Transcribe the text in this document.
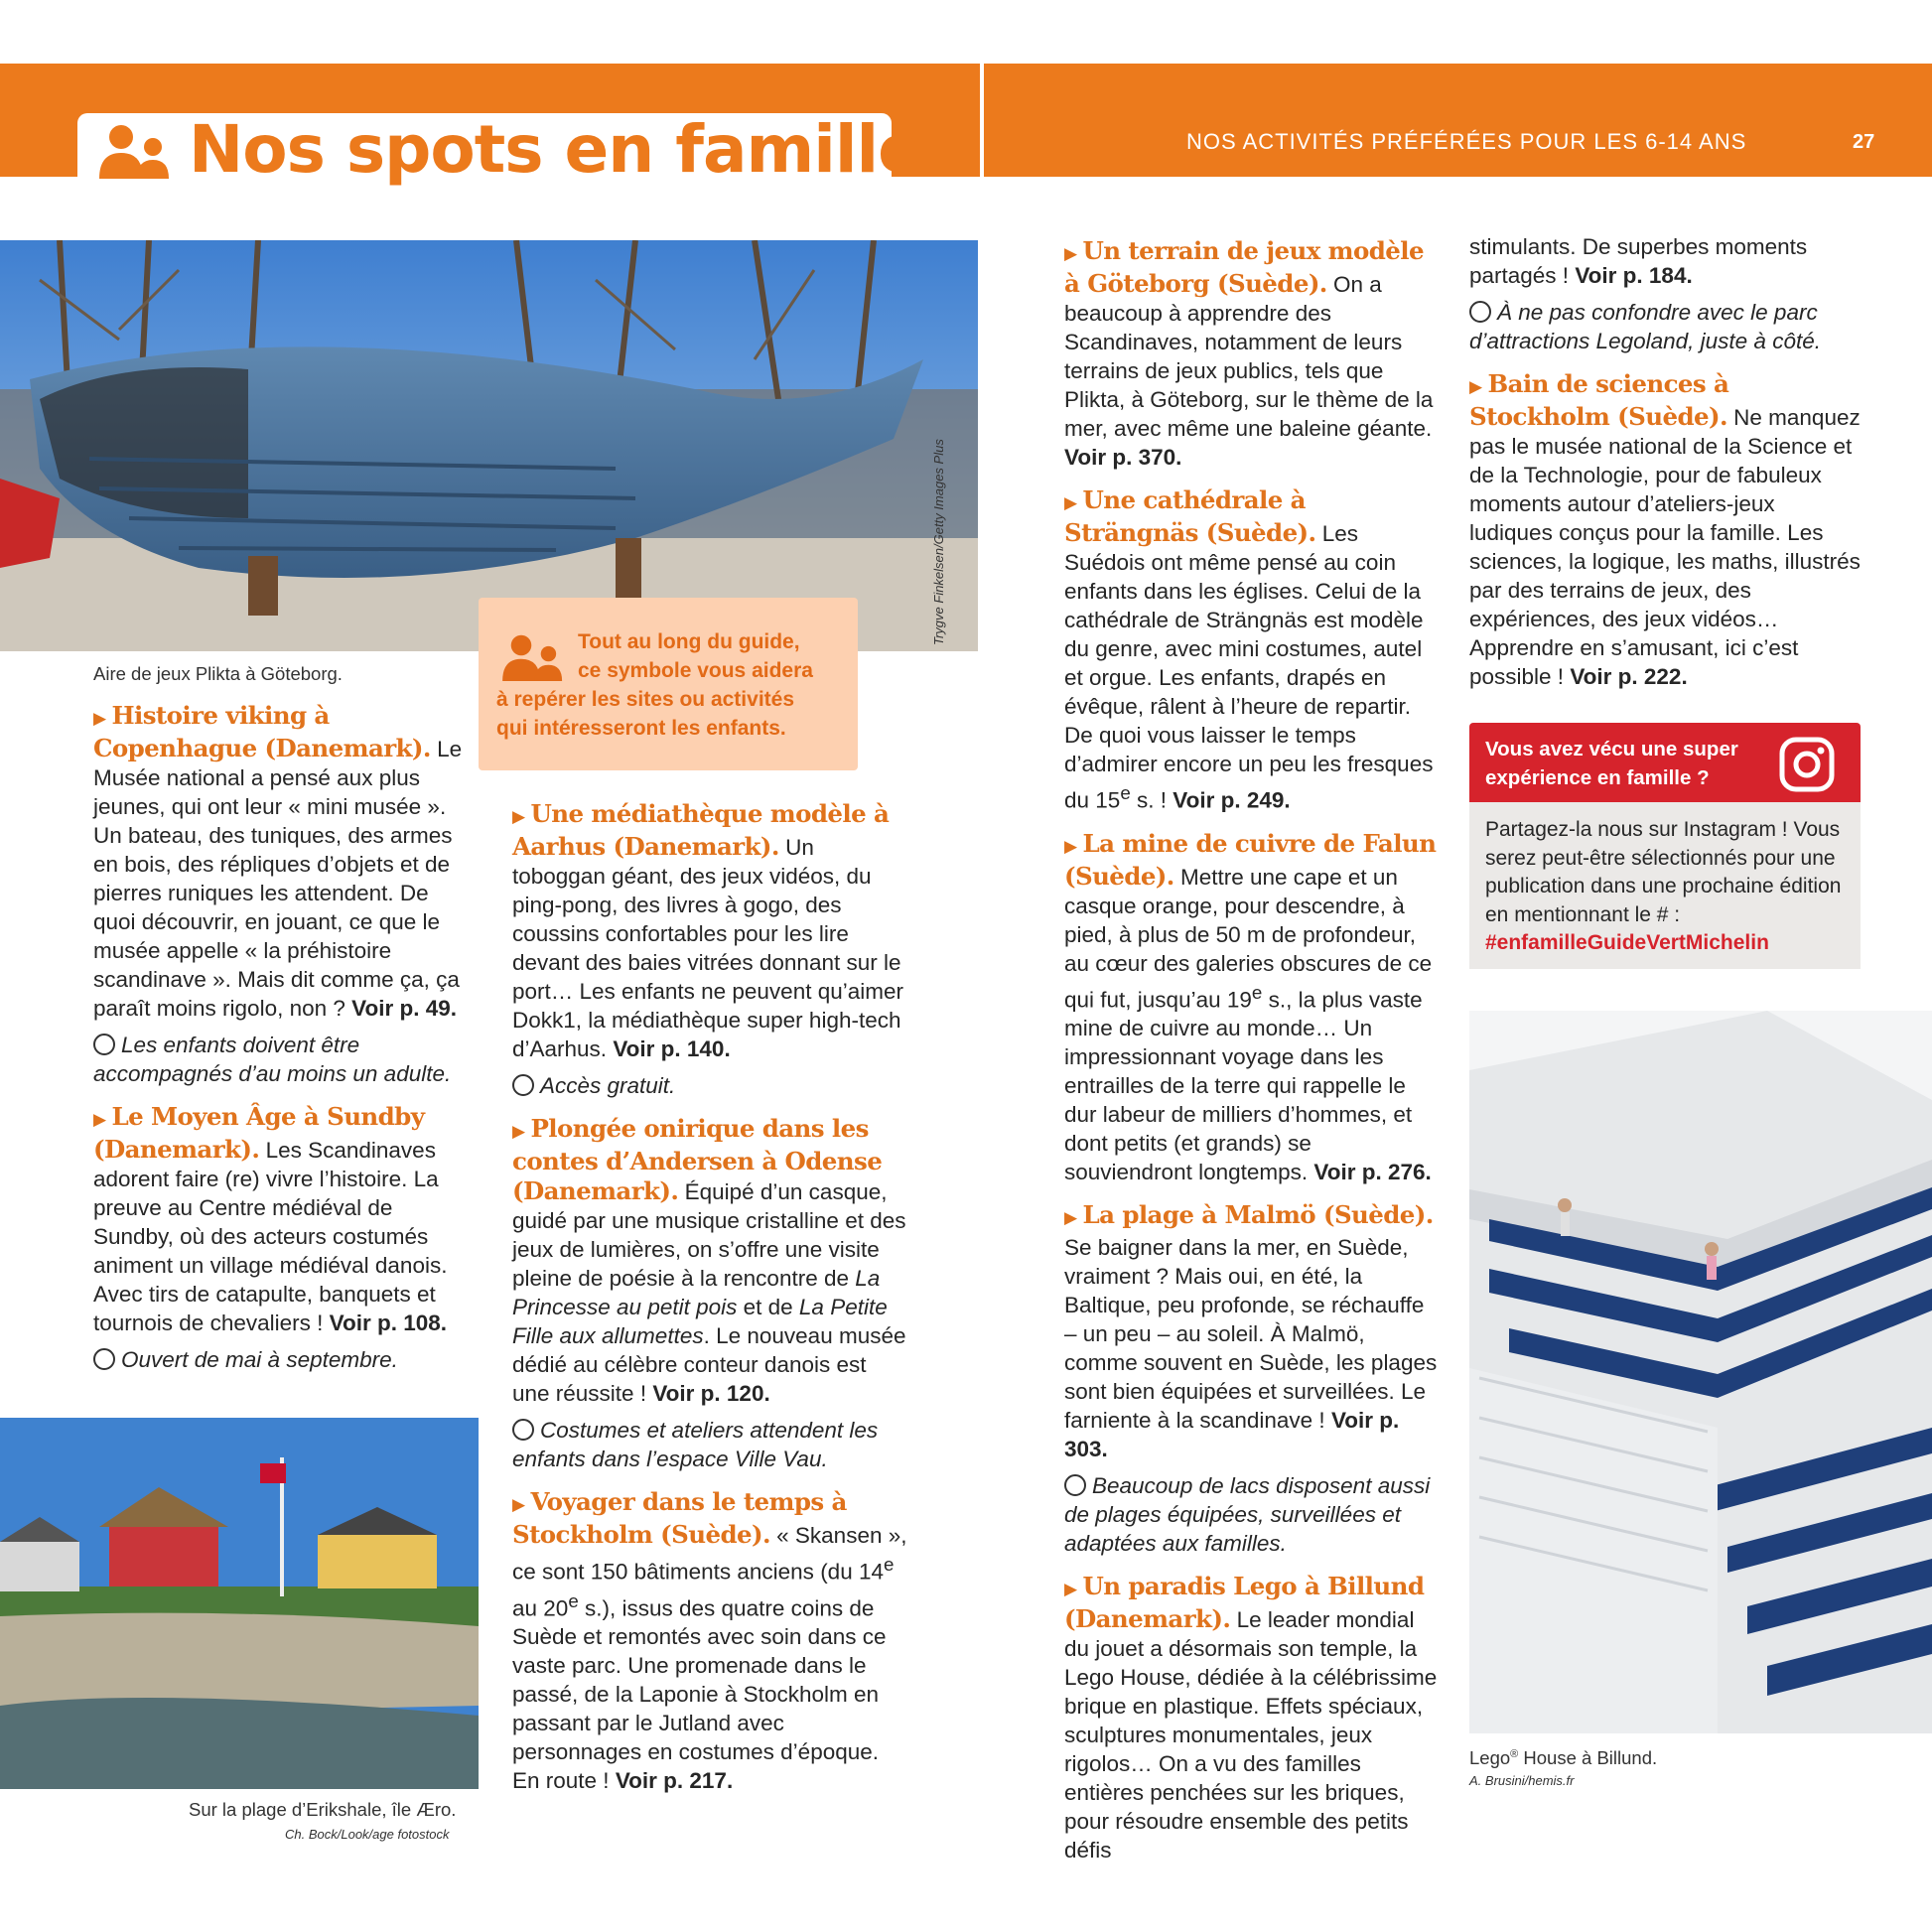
Nos spots en famille	NOS ACTIVITÉS PRÉFÉRÉES POUR LES 6-14 ANS	27
Trygve Finkelsen/Getty Images Plus
Aire de jeux Plikta à Göteborg.
Tout au long du guide,
ce symbole vous aidera
à repérer les sites ou activités
qui intéresseront les enfants.

▶ Histoire viking à Copenhague (Danemark). Le Musée national a pensé aux plus jeunes, qui ont leur « mini musée ». Un bateau, des tuniques, des armes en bois, des répliques d’objets et de pierres runiques les attendent. De quoi découvrir, en jouant, ce que le musée appelle « la préhistoire scandinave ». Mais dit comme ça, ça paraît moins rigolo, non ? Voir p. 49.

Les enfants doivent être accompagnés d’au moins un adulte.

▶ Le Moyen Âge à Sundby (Danemark). Les Scandinaves adorent faire (re) vivre l’histoire. La preuve au Centre médiéval de Sundby, où des acteurs costumés animent un village médiéval danois. Avec tirs de catapulte, banquets et tournois de chevaliers ! Voir p. 108.

Ouvert de mai à septembre.

Sur la plage d’Erikshale, île Æro.
Ch. Bock/Look/age fotostock

▶ Une médiathèque modèle à Aarhus (Danemark). Un toboggan géant, des jeux vidéos, du ping-pong, des livres à gogo, des coussins confortables pour les lire devant des baies vitrées donnant sur le port… Les enfants ne peuvent qu’aimer Dokk1, la médiathèque super high-tech d’Aarhus. Voir p. 140.

Accès gratuit.

▶ Plongée onirique dans les contes d’Andersen à Odense (Danemark). Équipé d’un casque, guidé par une musique cristalline et des jeux de lumières, on s’offre une visite pleine de poésie à la rencontre de La Princesse au petit pois et de La Petite Fille aux allumettes. Le nouveau musée dédié au célèbre conteur danois est une réussite ! Voir p. 120.

Costumes et ateliers attendent les enfants dans l’espace Ville Vau.

▶ Voyager dans le temps à Stockholm (Suède). « Skansen », ce sont 150 bâtiments anciens (du 14e au 20e s.), issus des quatre coins de Suède et remontés avec soin dans ce vaste parc. Une promenade dans le passé, de la Laponie à Stockholm en passant par le Jutland avec personnages en costumes d’époque. En route ! Voir p. 217.

▶ Un terrain de jeux modèle à Göteborg (Suède). On a beaucoup à apprendre des Scandinaves, notamment de leurs terrains de jeux publics, tels que Plikta, à Göteborg, sur le thème de la mer, avec même une baleine géante. Voir p. 370.

▶ Une cathédrale à Strängnäs (Suède). Les Suédois ont même pensé au coin enfants dans les églises. Celui de la cathédrale de Strängnäs est modèle du genre, avec mini costumes, autel et orgue. Les enfants, drapés en évêque, râlent à l’heure de repartir. De quoi vous laisser le temps d’admirer encore un peu les fresques du 15e s. ! Voir p. 249.

▶ La mine de cuivre de Falun (Suède). Mettre une cape et un casque orange, pour descendre, à pied, à plus de 50 m de profondeur, au cœur des galeries obscures de ce qui fut, jusqu’au 19e s., la plus vaste mine de cuivre au monde… Un impressionnant voyage dans les entrailles de la terre qui rappelle le dur labeur de milliers d’hommes, et dont petits (et grands) se souviendront longtemps. Voir p. 276.

▶ La plage à Malmö (Suède). Se baigner dans la mer, en Suède, vraiment ? Mais oui, en été, la Baltique, peu profonde, se réchauffe – un peu – au soleil. À Malmö, comme souvent en Suède, les plages sont bien équipées et surveillées. Le farniente à la scandinave ! Voir p. 303.

Beaucoup de lacs disposent aussi de plages équipées, surveillées et adaptées aux familles.

▶ Un paradis Lego à Billund (Danemark). Le leader mondial du jouet a désormais son temple, la Lego House, dédiée à la célébrissime brique en plastique. Effets spéciaux, sculptures monumentales, jeux rigolos… On a vu des familles entières penchées sur les briques, pour résoudre ensemble des petits défis

stimulants. De superbes moments partagés ! Voir p. 184.

À ne pas confondre avec le parc d’attractions Legoland, juste à côté.

▶ Bain de sciences à Stockholm (Suède). Ne manquez pas le musée national de la Science et de la Technologie, pour de fabuleux moments autour d’ateliers-jeux ludiques conçus pour la famille. Les sciences, la logique, les maths, illustrés par des terrains de jeux, des expériences, des jeux vidéos… Apprendre en s’amusant, ici c’est possible ! Voir p. 222.

Vous avez vécu une super
expérience en famille ?
Partagez-la nous sur Instagram ! Vous serez peut-être sélectionnés pour une publication dans une prochaine édition en mentionnant le # : #enfamilleGuideVertMichelin
Lego® House à Billund.
A. Brusini/hemis.fr
